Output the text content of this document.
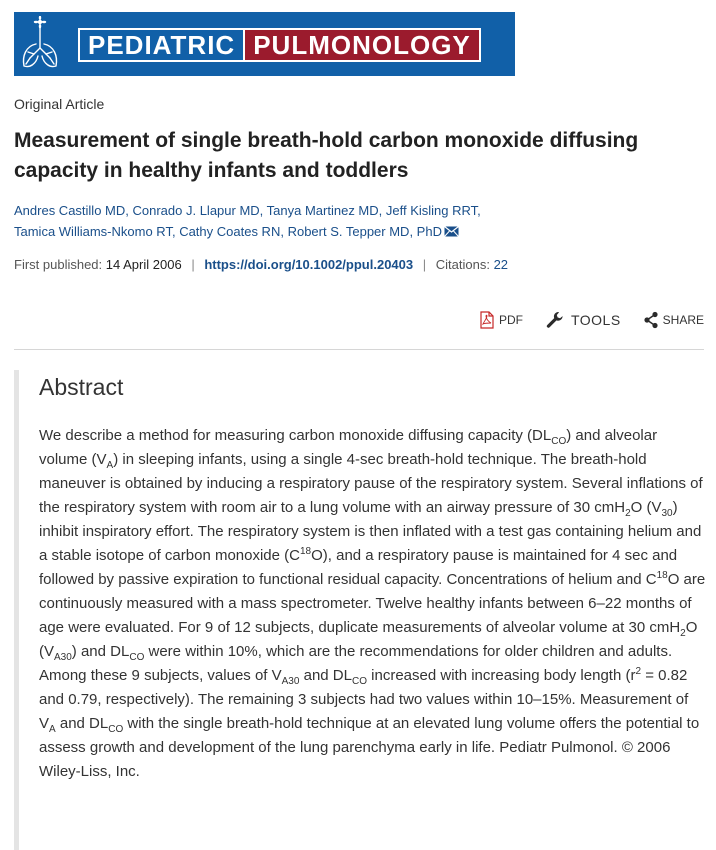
PEDIATRIC PULMONOLOGY
Original Article
Measurement of single breath-hold carbon monoxide diffusing capacity in healthy infants and toddlers
Andres Castillo MD, Conrado J. Llapur MD, Tanya Martinez MD, Jeff Kisling RRT,
Tamica Williams-Nkomo RT, Cathy Coates RN, Robert S. Tepper MD, PhD
First published: 14 April 2006 | https://doi.org/10.1002/ppul.20403 | Citations: 22
PDF	TOOLS	SHARE
Abstract

We describe a method for measuring carbon monoxide diffusing capacity $(DL_{CO})$ and alveolar volume $(V_A)$ in sleeping infants, using a single 4-sec breath-hold technique. The breath-hold maneuver is obtained by inducing a respiratory pause of the respiratory system. Several inflations of the respiratory system with room air to a lung volume with an airway pressure of 30 cmH$_2$O $(V_{30})$ inhibit inspiratory effort. The respiratory system is then inflated with a test gas containing helium and a stable isotope of carbon monoxide $(C^{18}O)$, and a respiratory pause is maintained for 4 sec and followed by passive expiration to functional residual capacity. Concentrations of helium and $C^{18}O$ are continuously measured with a mass spectrometer. Twelve healthy infants between 6–22 months of age were evaluated. For 9 of 12 subjects, duplicate measurements of alveolar volume at 30 cmH$_2$O $(V_{A30})$ and $DL_{CO}$ were within 10%, which are the recommendations for older children and adults. Among these 9 subjects, values of $V_{A30}$ and $DL_{CO}$ increased with increasing body length ($r^2 = 0.82$ and 0.79, respectively). The remaining 3 subjects had two values within 10–15%. Measurement of $V_A$ and $DL_{CO}$ with the single breath-hold technique at an elevated lung volume offers the potential to assess growth and development of the lung parenchyma early in life. Pediatr Pulmonol. © 2006 Wiley-Liss, Inc.
